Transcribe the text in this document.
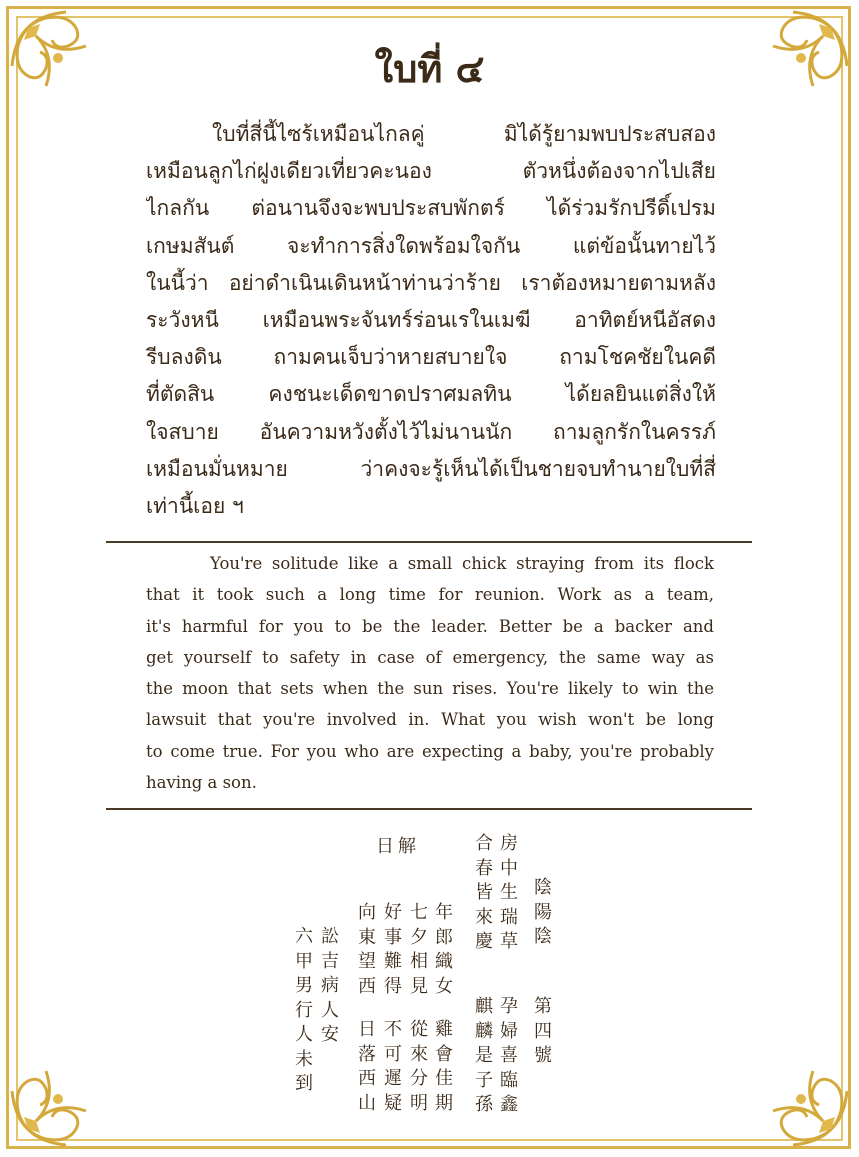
ใบที่ ๔
ใบที่สี่นี้ไซร้เหมือนไกลคู่ มิได้รู้ยามพบประสบสอง
เหมือนลูกไก่ฝูงเดียวเที่ยวคะนอง ตัวหนึ่งต้องจากไปเสีย
ไกลกัน ต่อนานจึงจะพบประสบพักตร์ ได้ร่วมรักปรีดิ์เปรม
เกษมสันต์ จะทำการสิ่งใดพร้อมใจกัน แต่ข้อนั้นทายไว้
ในนี้ว่า อย่าดำเนินเดินหน้าท่านว่าร้าย เราต้องหมายตามหลัง
ระวังหนี เหมือนพระจันทร์ร่อนเรในเมฆี อาทิตย์หนีอัสดง
รีบลงดิน ถามคนเจ็บว่าหายสบายใจ ถามโชคชัยในคดี
ที่ตัดสิน คงชนะเด็ดขาดปราศมลทิน ได้ยลยินแต่สิ่งให้
ใจสบาย อันความหวังตั้งไว้ไม่นานนัก ถามลูกรักในครรภ์
เหมือนมั่นหมาย ว่าคงจะรู้เห็นได้เป็นชายจบทำนายใบที่สี่
เท่านี้เอย ฯ
You're solitude like a small chick straying from its flock
that it took such a long time for reunion. Work as a team,
it's harmful for you to be the leader. Better be a backer and
get yourself to safety in case of emergency, the same way as
the moon that sets when the sun rises. You're likely to win the
lawsuit that you're involved in. What you wish won't be long
to come true. For you who are expecting a baby, you're probably
having a son.
日解	房
中
生
瑞
草
合
春
皆
來
慶
陰
陽
陰
第
四
號
孕
婦
喜
臨
鑫
麒
麟
是
子
孫
年
郎
織
女
七
夕
相
見
好
事
難
得
向
東
望
西
雞
會
佳
期
從
來
分
明
不
可
遲
疑
日
落
西
山
訟
吉
病
人
安
六
甲
男
行
人
未
到
